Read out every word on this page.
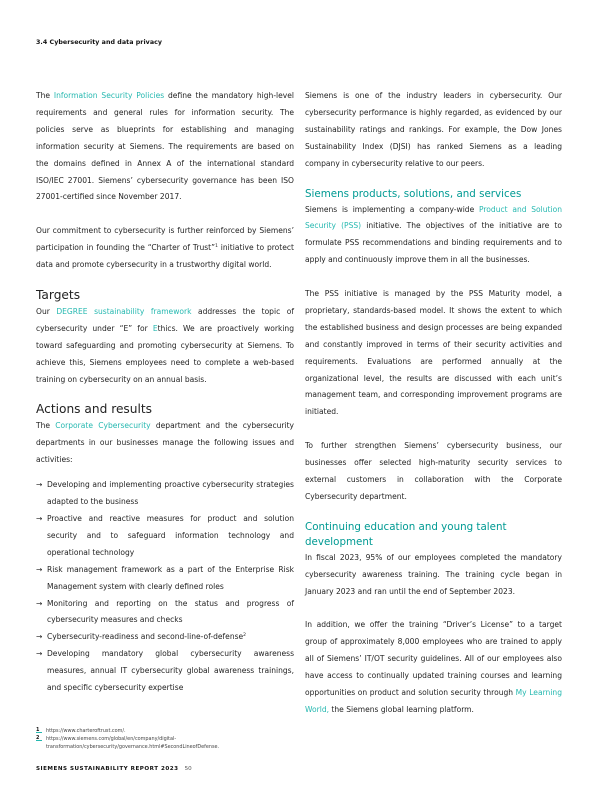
3.4 Cybersecurity and data privacy

The Information Security Policies define the mandatory high-level requirements and general rules for information security. The policies serve as blueprints for establishing and managing information security at Siemens. The requirements are based on the domains defined in Annex A of the international standard ISO/IEC 27001. Siemens’ cybersecurity governance has been ISO 27001-certified since November 2017.

Our commitment to cybersecurity is further reinforced by Siemens’ participation in founding the “Charter of Trust”$^1$ initiative to protect data and promote cybersecurity in a trustworthy digital world.

Targets

Our DEGREE sustainability framework addresses the topic of cybersecurity under “E” for Ethics. We are proactively working toward safeguarding and promoting cybersecurity at Siemens. To achieve this, Siemens employees need to complete a web-based training on cybersecurity on an annual basis.

Actions and results

The Corporate Cybersecurity department and the cybersecurity departments in our businesses manage the following issues and activities:

→ Developing and implementing proactive cybersecurity strategies adapted to the business
→ Proactive and reactive measures for product and solution security and to safeguard information technology and operational technology
→ Risk management framework as a part of the Enterprise Risk Management system with clearly defined roles
→ Monitoring and reporting on the status and progress of cybersecurity measures and checks
→ Cybersecurity-readiness and second-line-of-defense$^2$
→ Developing mandatory global cybersecurity awareness measures, annual IT cybersecurity global awareness trainings, and specific cybersecurity expertise

Siemens is one of the industry leaders in cybersecurity. Our cybersecurity performance is highly regarded, as evidenced by our sustainability ratings and rankings. For example, the Dow Jones Sustainability Index (DJSI) has ranked Siemens as a leading company in cybersecurity relative to our peers.

Siemens products, solutions, and services

Siemens is implementing a company-wide Product and Solution Security (PSS) initiative. The objectives of the initiative are to formulate PSS recommendations and binding requirements and to apply and continuously improve them in all the businesses.

The PSS initiative is managed by the PSS Maturity model, a proprietary, standards-based model. It shows the extent to which the established business and design processes are being expanded and constantly improved in terms of their security activities and requirements. Evaluations are performed annually at the organizational level, the results are discussed with each unit’s management team, and corresponding improvement programs are initiated.

To further strengthen Siemens’ cybersecurity business, our businesses offer selected high-maturity security services to external customers in collaboration with the Corporate Cybersecurity department.

Continuing education and young talent development

In fiscal 2023, 95% of our employees completed the mandatory cybersecurity awareness training. The training cycle began in January 2023 and ran until the end of September 2023.

In addition, we offer the training “Driver’s License” to a target group of approximately 8,000 employees who are trained to apply all of Siemens’ IT/OT security guidelines. All of our employees also have access to continually updated training courses and learning opportunities on product and solution security through My Learning World, the Siemens global learning platform.

1	https://www.charteroftrust.com/.
2	https://www.siemens.com/global/en/company/digital-transformation/cybersecurity/governance.html#SecondLineofDefense.
SIEMENS SUSTAINABILITY REPORT 2023 50
